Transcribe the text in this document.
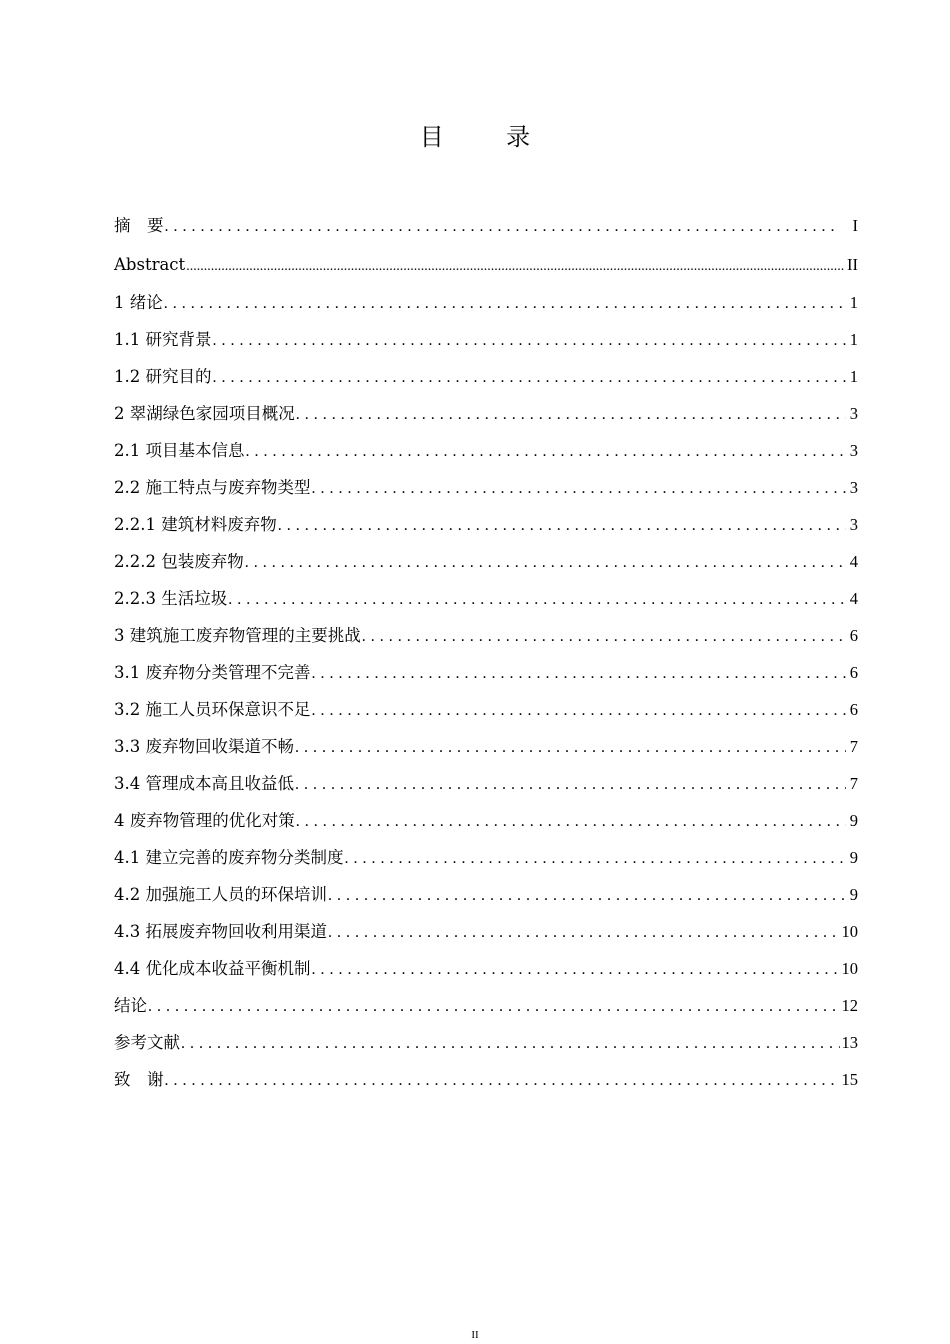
目　录
摘　要 . . .	I
Abstract .....	II
1 绪论 . . .	1
1.1 研究背景 . . .	1
1.2 研究目的 . . .	1
2 翠湖绿色家园项目概况 . . .	3
2.1 项目基本信息 . . .	3
2.2 施工特点与废弃物类型 . . .	3
2.2.1 建筑材料废弃物 . . .	3
2.2.2 包装废弃物 . . .	4
2.2.3 生活垃圾 . . .	4
3 建筑施工废弃物管理的主要挑战 . . .	6
3.1 废弃物分类管理不完善 . . .	6
3.2 施工人员环保意识不足 . . .	6
3.3 废弃物回收渠道不畅 . . .	7
3.4 管理成本高且收益低 . . .	7
4 废弃物管理的优化对策 . . .	9
4.1 建立完善的废弃物分类制度 . . .	9
4.2 加强施工人员的环保培训 . . .	9
4.3 拓展废弃物回收利用渠道 . . .	10
4.4 优化成本收益平衡机制 . . .	10
结论 . . .	12
参考文献 . . .	13
致　谢 . . .	15
II
